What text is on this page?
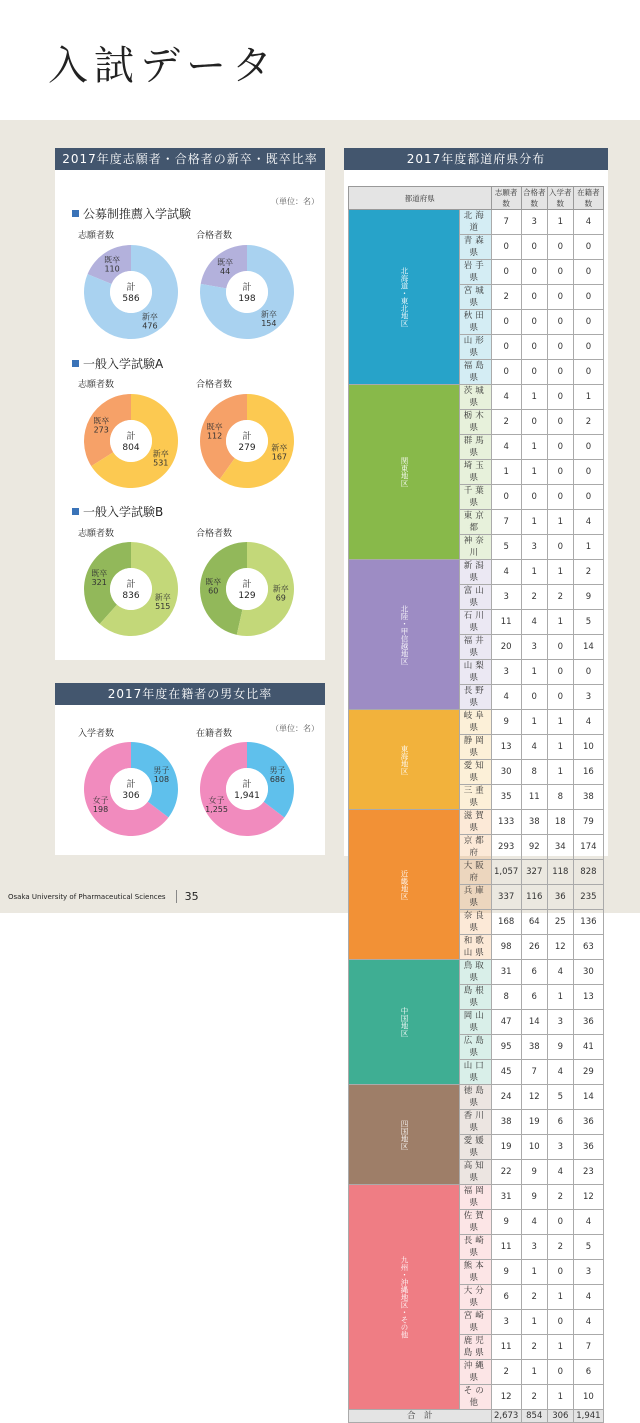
入試データ
2017年度志願者・合格者の新卒・既卒比率
（単位：名）
公募制推薦入学試験
一般入学試験A
一般入学試験B
志願者数	合格者数
志願者数	合格者数
志願者数	合格者数
計
586
既卒
110
新卒
476
計
198
既卒
44
新卒
154
計
804
既卒
273
新卒
531
計
279
既卒
112
新卒
167
計
836
既卒
321
新卒
515
計
129
既卒
60	新卒
69
2017年度在籍者の男女比率
（単位：名）
入学者数	在籍者数
計
306
女子
198
男子
108
計
1,941
女子
1,255
男子
686
2017年度都道府県分布
都道府県		志願者数	合格者数	入学者数	在籍者数
北海道・東北地区	北海道	7	3	1	4
	青森県	0	0	0	0
	岩手県	0	0	0	0
	宮城県	2	0	0	0
	秋田県	0	0	0	0
	山形県	0	0	0	0
	福島県	0	0	0	0
関東地区	茨城県	4	1	0	1
	栃木県	2	0	0	2
	群馬県	4	1	0	0
	埼玉県	1	1	0	0
	千葉県	0	0	0	0
	東京都	7	1	1	4
	神奈川	5	3	0	1
北陸・甲信越地区	新潟県	4	1	1	2
	富山県	3	2	2	9
	石川県	11	4	1	5
	福井県	20	3	0	14
	山梨県	3	1	0	0
	長野県	4	0	0	3
東海地区	岐阜県	9	1	1	4
	静岡県	13	4	1	10
	愛知県	30	8	1	16
	三重県	35	11	8	38
近畿地区	滋賀県	133	38	18	79
	京都府	293	92	34	174
	大阪府	1,057	327	118	828
	兵庫県	337	116	36	235
	奈良県	168	64	25	136
	和歌山県	98	26	12	63
中国地区	鳥取県	31	6	4	30
	島根県	8	6	1	13
	岡山県	47	14	3	36
	広島県	95	38	9	41
	山口県	45	7	4	29
四国地区	徳島県	24	12	5	14
	香川県	38	19	6	36
	愛媛県	19	10	3	36
	高知県	22	9	4	23
九州・沖縄地区・その他	福岡県	31	9	2	12
	佐賀県	9	4	0	4
	長崎県	11	3	2	5
	熊本県	9	1	0	3
	大分県	6	2	1	4
	宮崎県	3	1	0	4
	鹿児島県	11	2	1	7
	沖縄県	2	1	0	6
	その他	12	2	1	10
合　計		2,673	854	306	1,941
Osaka University of Pharmaceutical Sciences 35
